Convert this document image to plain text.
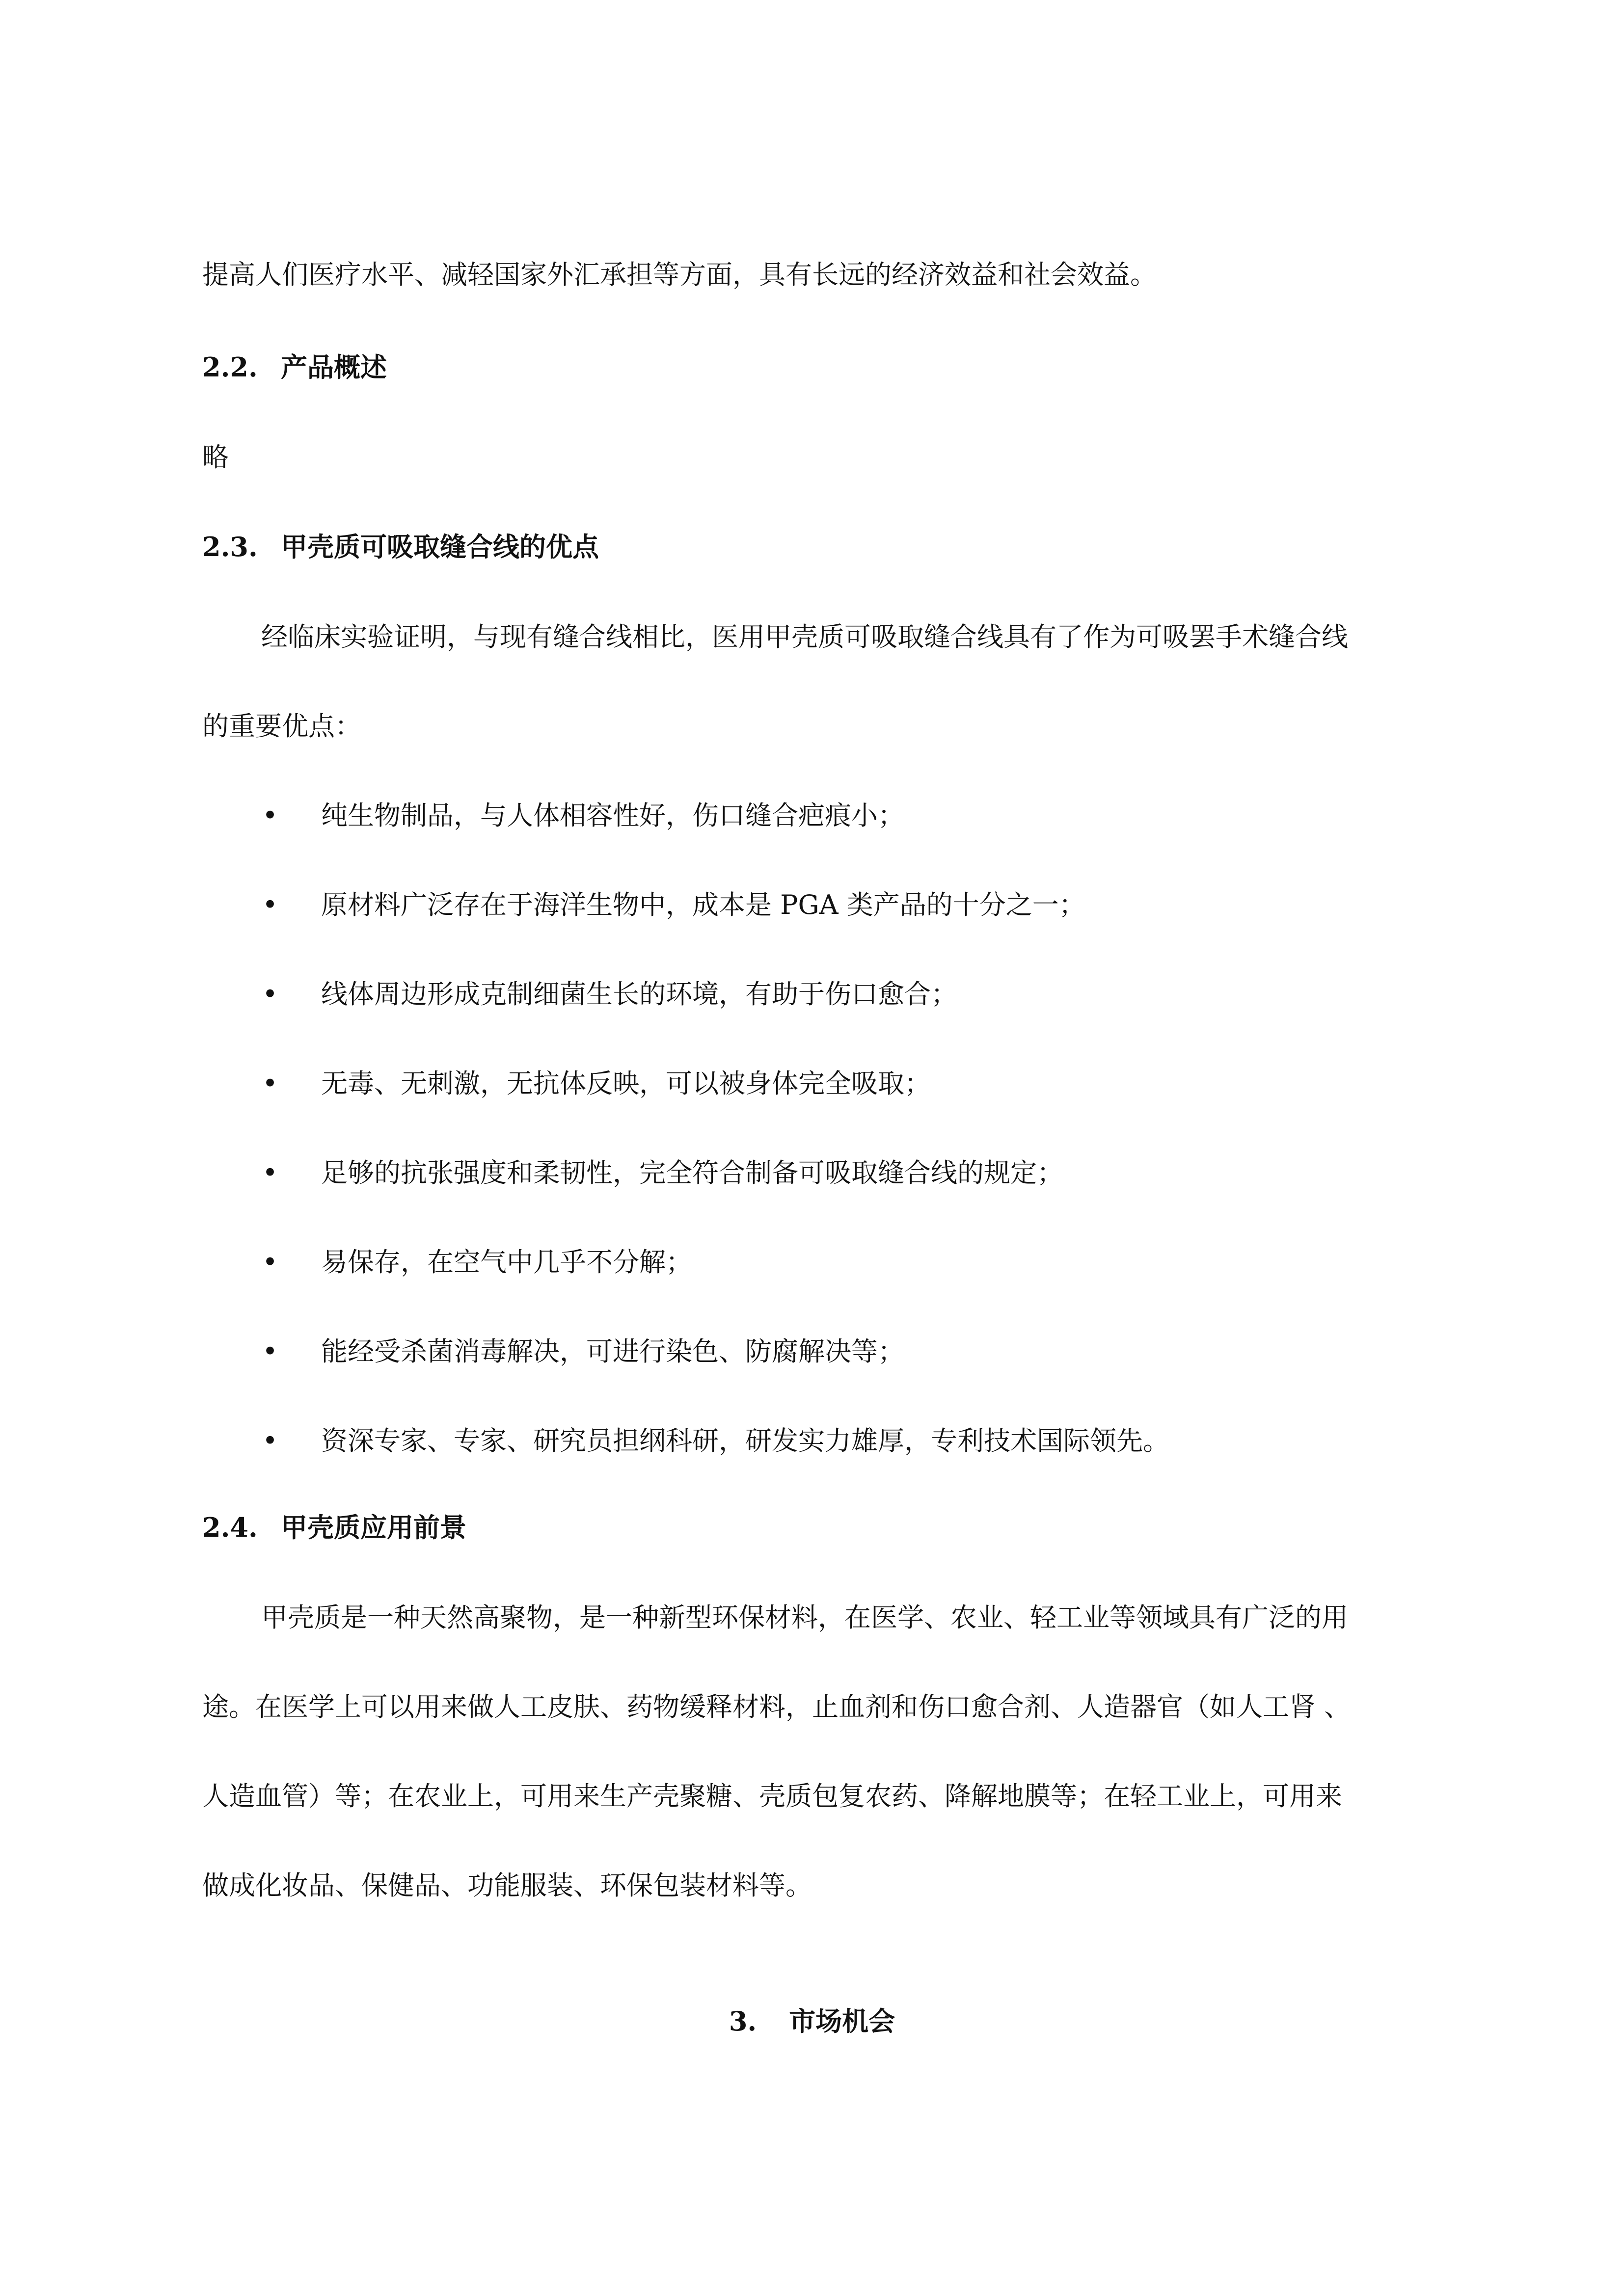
提高人们医疗水平、减轻国家外汇承担等方面，具有长远的经济效益和社会效益。
2.2. 产品概述
略
2.3. 甲壳质可吸取缝合线的优点
经临床实验证明，与现有缝合线相比，医用甲壳质可吸取缝合线具有了作为可吸罢手术缝合线
的重要优点：
• 纯生物制品，与人体相容性好，伤口缝合疤痕小；
• 原材料广泛存在于海洋生物中，成本是 PGA 类产品的十分之一；
• 线体周边形成克制细菌生长的环境，有助于伤口愈合；
• 无毒、无刺激，无抗体反映，可以被身体完全吸取；
• 足够的抗张强度和柔韧性，完全符合制备可吸取缝合线的规定；
• 易保存，在空气中几乎不分解；
• 能经受杀菌消毒解决，可进行染色、防腐解决等；
• 资深专家、专家、研究员担纲科研，研发实力雄厚，专利技术国际领先。
2.4. 甲壳质应用前景
甲壳质是一种天然高聚物，是一种新型环保材料，在医学、农业、轻工业等领域具有广泛的用
途。在医学上可以用来做人工皮肤、药物缓释材料，止血剂和伤口愈合剂、人造器官（如人工肾 、
人造血管）等；在农业上，可用来生产壳聚糖、壳质包复农药、降解地膜等；在轻工业上，可用来
做成化妆品、保健品、功能服装、环保包装材料等。
3. 市场机会
